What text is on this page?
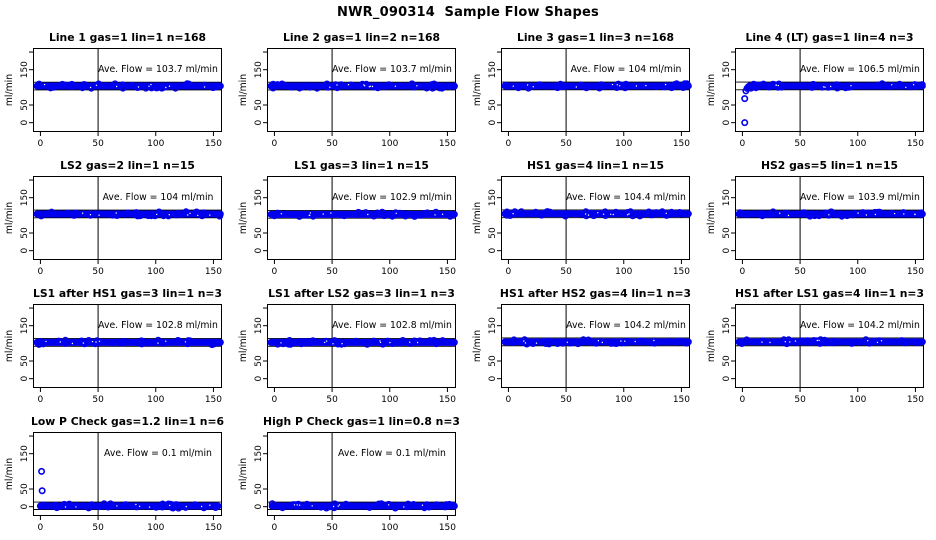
NWR_090314  Sample Flow Shapes
Line 1 gas=1 lin=1 n=168
0	50	100	150
0
50
150
ml/min
Ave. Flow = 103.7 ml/min
Line 2 gas=1 lin=2 n=168
0	50	100	150
0
50
150
ml/min
Ave. Flow = 103.7 ml/min
Line 3 gas=1 lin=3 n=168
0	50	100	150
0
50
150
ml/min
Ave. Flow = 104 ml/min
Line 4 (LT) gas=1 lin=4 n=3
0	50	100	150
0
50
150
ml/min
Ave. Flow = 106.5 ml/min
LS2 gas=2 lin=1 n=15
0	50	100	150
0
50
150
ml/min
Ave. Flow = 104 ml/min
LS1 gas=3 lin=1 n=15
0	50	100	150
0
50
150
ml/min
Ave. Flow = 102.9 ml/min
HS1 gas=4 lin=1 n=15
0	50	100	150
0
50
150
ml/min
Ave. Flow = 104.4 ml/min
HS2 gas=5 lin=1 n=15
0	50	100	150
0
50
150
ml/min
Ave. Flow = 103.9 ml/min
LS1 after HS1 gas=3 lin=1 n=3
0	50	100	150
0
50
150
ml/min
Ave. Flow = 102.8 ml/min
LS1 after LS2 gas=3 lin=1 n=3
0	50	100	150
0
50
150
ml/min
Ave. Flow = 102.8 ml/min
HS1 after HS2 gas=4 lin=1 n=3
0	50	100	150
0
50
150
ml/min
Ave. Flow = 104.2 ml/min
HS1 after LS1 gas=4 lin=1 n=3
0	50	100	150
0
50
150
ml/min
Ave. Flow = 104.2 ml/min
Low P Check gas=1.2 lin=1 n=6
0	50	100	150
0
50
150
ml/min
Ave. Flow = 0.1 ml/min
High P Check gas=1 lin=0.8 n=3
0	50	100	150
0
50
150
ml/min
Ave. Flow = 0.1 ml/min
